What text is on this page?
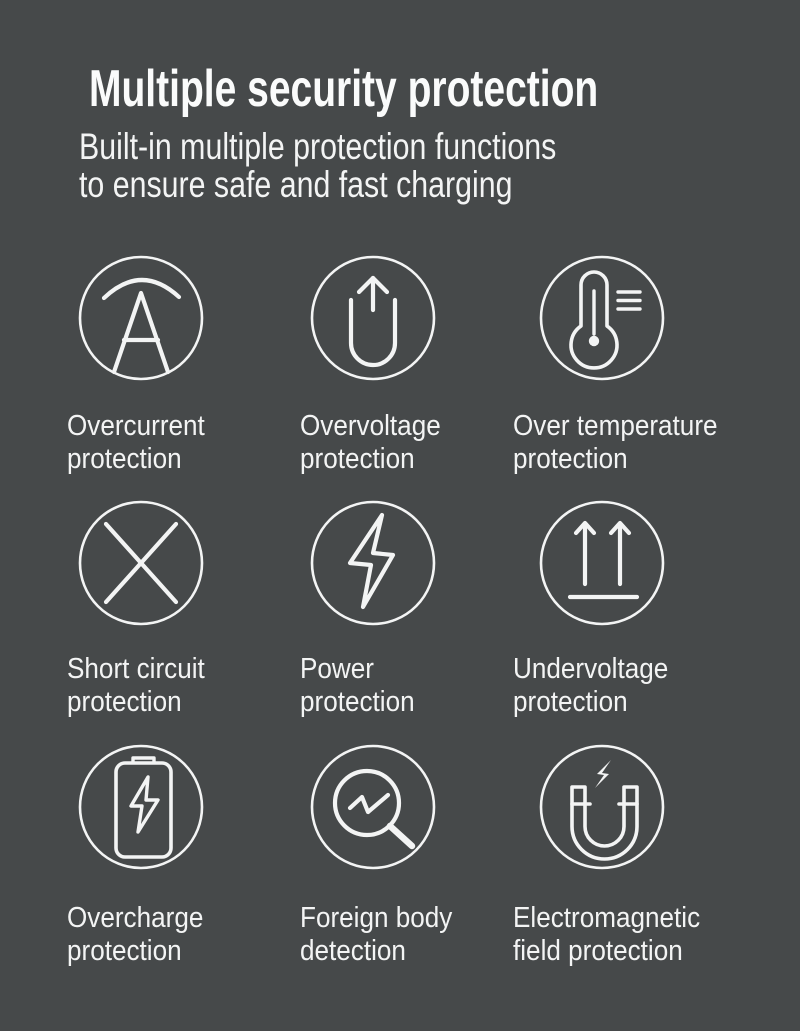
Multiple security protection
Built-in multiple protection functions
to ensure safe and fast charging
Overcurrent
protection
Overvoltage
protection
Over temperature
protection
Short circuit
protection
Power
protection
Undervoltage
protection
Overcharge
protection
Foreign body
detection
Electromagnetic
field protection
